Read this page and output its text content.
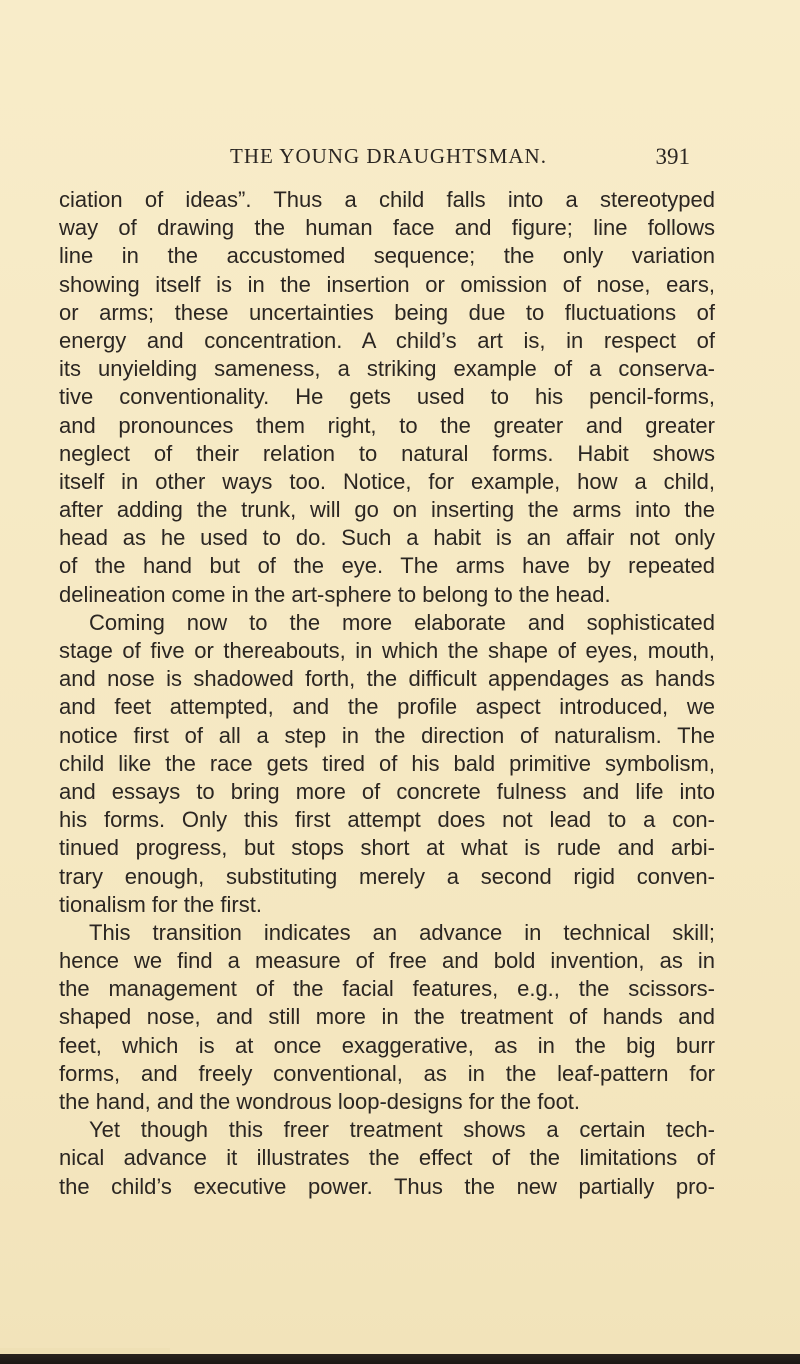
THE YOUNG DRAUGHTSMAN.	391
ciation of ideas”. Thus a child falls into a stereotyped
way of drawing the human face and figure; line follows
line in the accustomed sequence; the only variation
showing itself is in the insertion or omission of nose, ears,
or arms; these uncertainties being due to fluctuations of
energy and concentration. A child’s art is, in respect of
its unyielding sameness, a striking example of a conserva-
tive conventionality. He gets used to his pencil-forms,
and pronounces them right, to the greater and greater
neglect of their relation to natural forms. Habit shows
itself in other ways too. Notice, for example, how a child,
after adding the trunk, will go on inserting the arms into the
head as he used to do. Such a habit is an affair not only
of the hand but of the eye. The arms have by repeated
delineation come in the art-sphere to belong to the head.
Coming now to the more elaborate and sophisticated
stage of five or thereabouts, in which the shape of eyes, mouth,
and nose is shadowed forth, the difficult appendages as hands
and feet attempted, and the profile aspect introduced, we
notice first of all a step in the direction of naturalism. The
child like the race gets tired of his bald primitive symbolism,
and essays to bring more of concrete fulness and life into
his forms. Only this first attempt does not lead to a con-
tinued progress, but stops short at what is rude and arbi-
trary enough, substituting merely a second rigid conven-
tionalism for the first.
This transition indicates an advance in technical skill;
hence we find a measure of free and bold invention, as in
the management of the facial features, e.g., the scissors-
shaped nose, and still more in the treatment of hands and
feet, which is at once exaggerative, as in the big burr
forms, and freely conventional, as in the leaf-pattern for
the hand, and the wondrous loop-designs for the foot.
Yet though this freer treatment shows a certain tech-
nical advance it illustrates the effect of the limitations of
the child’s executive power. Thus the new partially pro-
